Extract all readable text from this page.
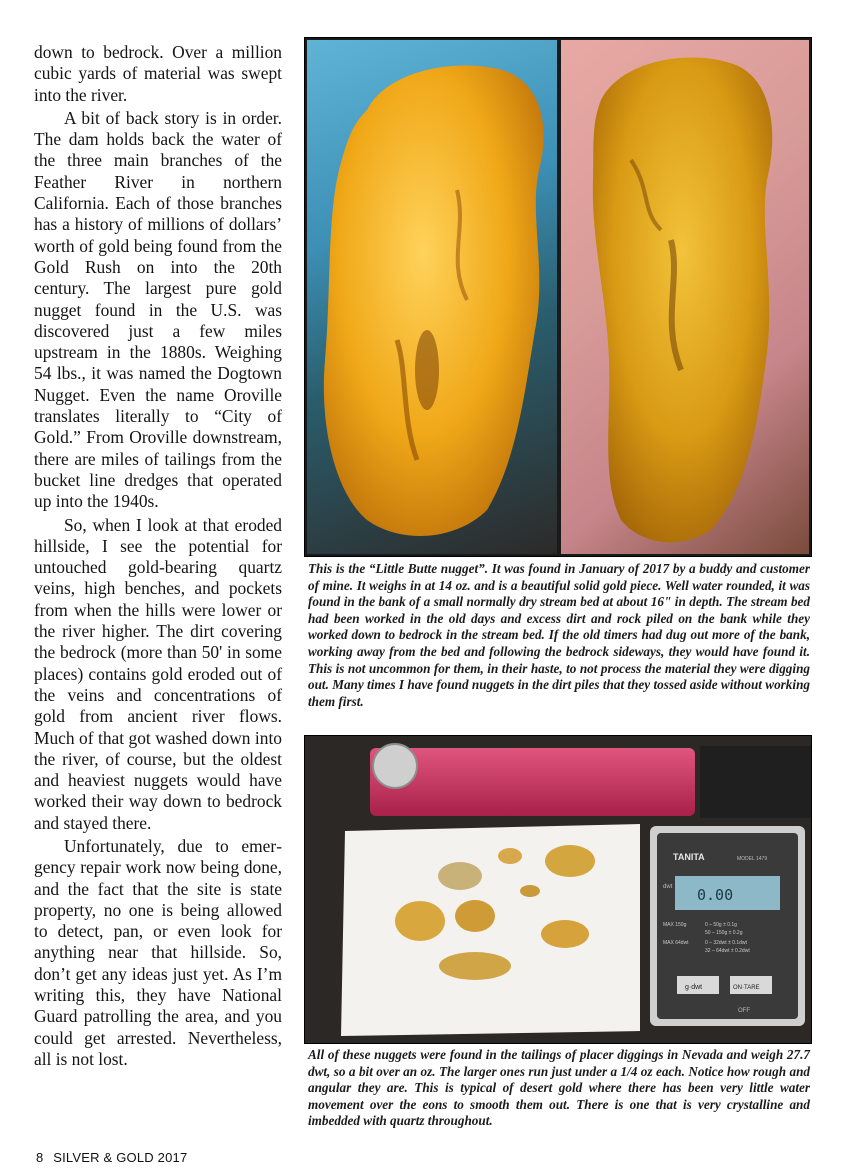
down to bedrock. Over a million cubic yards of material was swept into the river.

A bit of back story is in order. The dam holds back the water of the three main branches of the Feather River in northern California. Each of those branches has a history of millions of dollars’ worth of gold being found from the Gold Rush on into the 20th century. The largest pure gold nugget found in the U.S. was discovered just a few miles upstream in the 1880s. Weighing 54 lbs., it was named the Dogtown Nugget. Even the name Oroville translates literally to “City of Gold.” From Oroville downstream, there are miles of tailings from the bucket line dredges that operated up into the 1940s.

So, when I look at that eroded hillside, I see the potential for untouched gold-bearing quartz veins, high benches, and pockets from when the hills were lower or the river higher. The dirt covering the bedrock (more than 50' in some places) contains gold eroded out of the veins and concentrations of gold from ancient river flows. Much of that got washed down into the river, of course, but the oldest and heaviest nuggets would have worked their way down to bedrock and stayed there.

Unfortunately, due to emergency repair work now being done, and the fact that the site is state property, no one is being allowed to detect, pan, or even look for anything near that hillside. So, don’t get any ideas just yet. As I’m writing this, they have National Guard patrolling the area, and you could get arrested. Nevertheless, all is not lost.

This is the “Little Butte nugget”. It was found in January of 2017 by a buddy and customer of mine. It weighs in at 14 oz. and is a beautiful solid gold piece. Well water rounded, it was found in the bank of a small normally dry stream bed at about 16" in depth. The stream bed had been worked in the old days and excess dirt and rock piled on the bank while they worked down to bedrock in the stream bed. If the old timers had dug out more of the bank, working away from the bed and following the bedrock sideways, they would have found it. This is not uncommon for them, in their haste, to not process the material they were digging out. Many times I have found nuggets in the dirt piles that they tossed aside without working them first.
TANITA	MODEL 1479
dwt 0.00
MAX 150g	0 – 50g ± 0.1g
50 – 150g ± 0.2g
MAX 64dwt	0 – 32dwt ± 0.1dwt
32 – 64dwt ± 0.2dwt
g·dwt	ON·TARE
OFF
All of these nuggets were found in the tailings of placer diggings in Nevada and weigh 27.7 dwt, so a bit over an oz. The larger ones run just under a 1/4 oz each. Notice how rough and angular they are. This is typical of desert gold where there has been very little water movement over the eons to smooth them out. There is one that is very crystalline and imbedded with quartz throughout.
8 SILVER & GOLD 2017
